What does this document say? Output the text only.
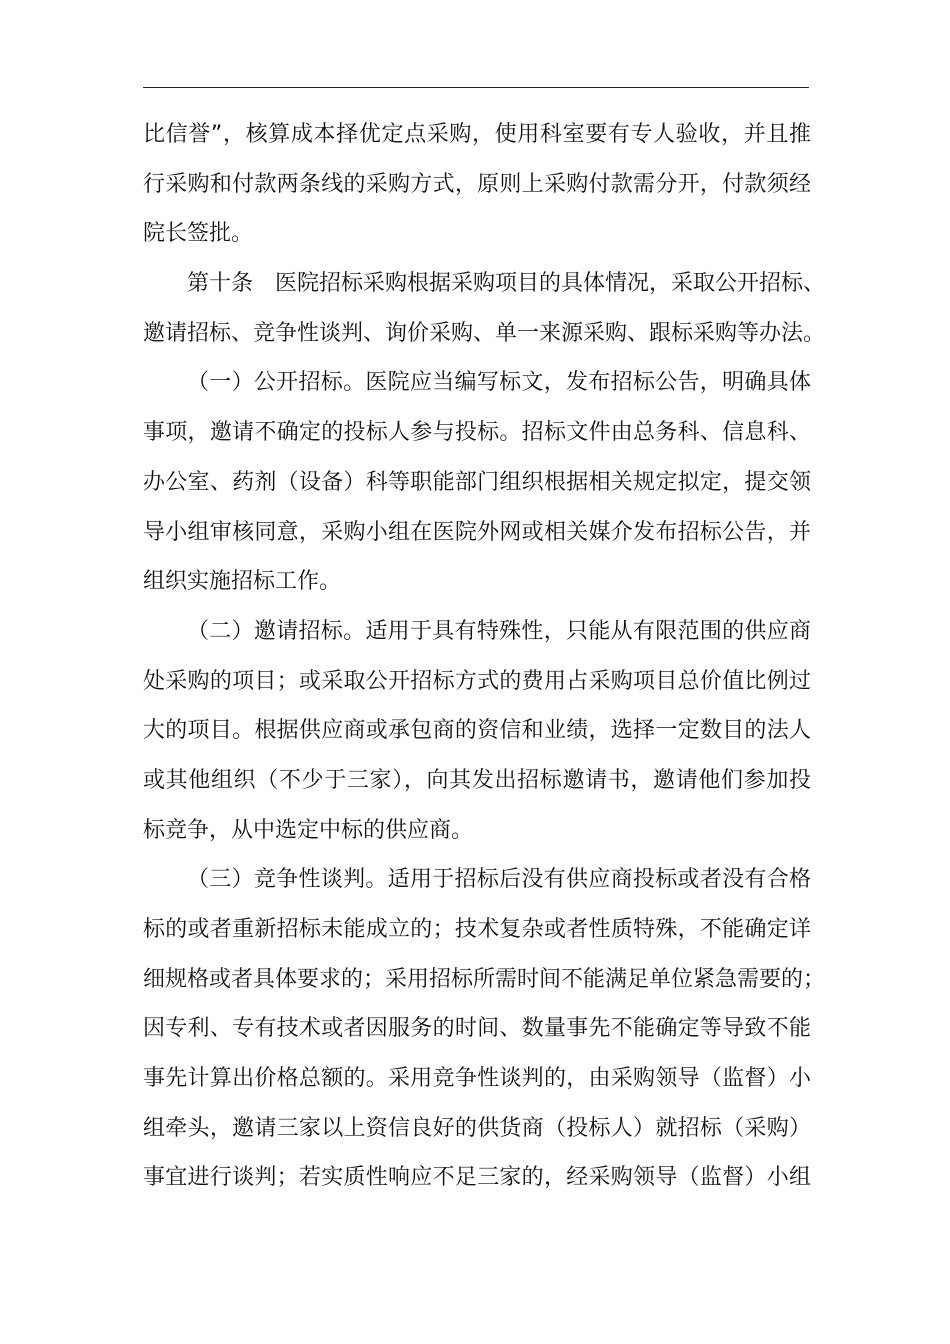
比信誉”，核算成本择优定点采购，使用科室要有专人验收，并且推
行采购和付款两条线的采购方式，原则上采购付款需分开，付款须经
院长签批。
第十条　医院招标采购根据采购项目的具体情况，采取公开招标、
邀请招标、竞争性谈判、询价采购、单一来源采购、跟标采购等办法。
（一）公开招标。医院应当编写标文，发布招标公告，明确具体
事项，邀请不确定的投标人参与投标。招标文件由总务科、信息科、
办公室、药剂（设备）科等职能部门组织根据相关规定拟定，提交领
导小组审核同意，采购小组在医院外网或相关媒介发布招标公告，并
组织实施招标工作。
（二）邀请招标。适用于具有特殊性，只能从有限范围的供应商
处采购的项目；或采取公开招标方式的费用占采购项目总价值比例过
大的项目。根据供应商或承包商的资信和业绩，选择一定数目的法人
或其他组织（不少于三家），向其发出招标邀请书，邀请他们参加投
标竞争，从中选定中标的供应商。
（三）竞争性谈判。适用于招标后没有供应商投标或者没有合格
标的或者重新招标未能成立的；技术复杂或者性质特殊，不能确定详
细规格或者具体要求的；采用招标所需时间不能满足单位紧急需要的；
因专利、专有技术或者因服务的时间、数量事先不能确定等导致不能
事先计算出价格总额的。采用竞争性谈判的，由采购领导（监督）小
组牵头，邀请三家以上资信良好的供货商（投标人）就招标（采购）
事宜进行谈判；若实质性响应不足三家的，经采购领导（监督）小组
